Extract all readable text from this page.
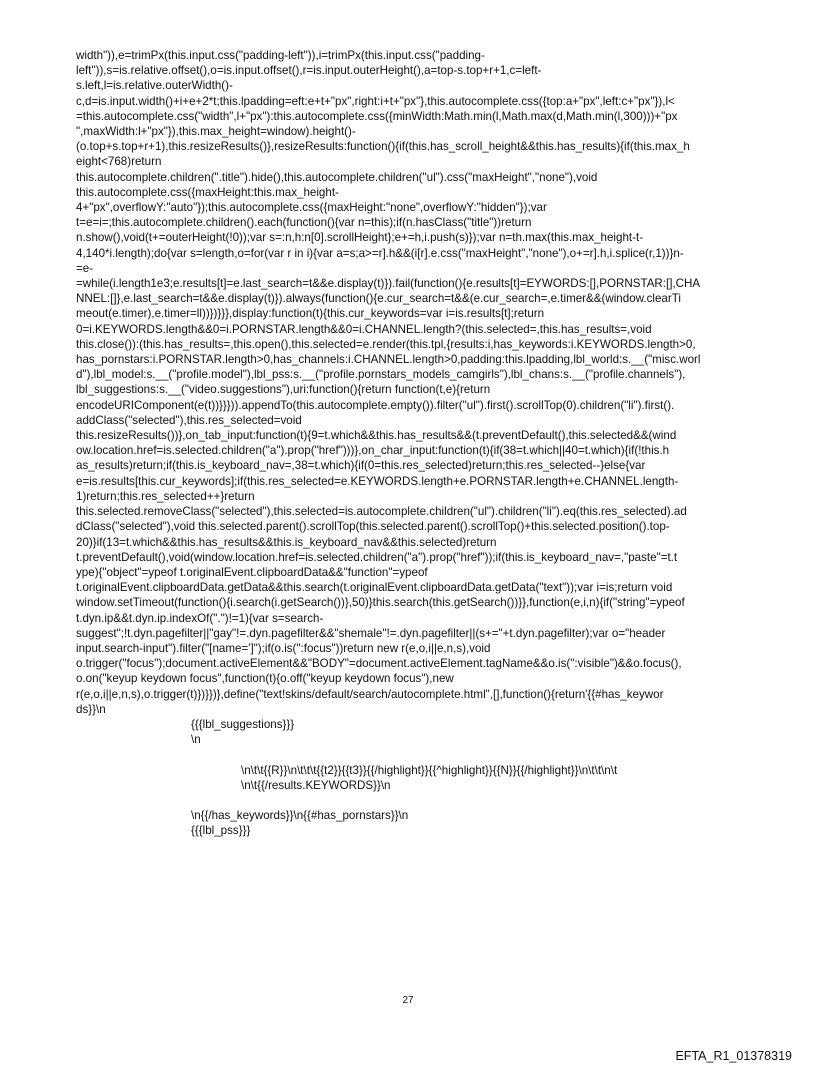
width")),e=trimPx(this.input.css("padding-left")),i=trimPx(this.input.css("padding-
left")),s=is.relative.offset(),o=is.input.offset(),r=is.input.outerHeight(),a=top-s.top+r+1,c=left-
s.left,l=is.relative.outerWidth()-
c,d=is.input.width()+i+e+2*t;this.lpadding=eft:e+t+"px",right:i+t+"px"},this.autocomplete.css({top:a+"px",left:c+"px"}),l<
=this.autocomplete.css("width",l+"px"):this.autocomplete.css({minWidth:Math.min(l,Math.max(d,Math.min(l,300)))+"px
",maxWidth:l+"px"}),this.max_height=window).height()-
(o.top+s.top+r+1),this.resizeResults()},resizeResults:function(){if(this.has_scroll_height&&this.has_results){if(this.max_h
eight<768)return
this.autocomplete.children(".title").hide(),this.autocomplete.children("ul").css("maxHeight","none"),void
this.autocomplete.css({maxHeight:this.max_height-
4+"px",overflowY:"auto"});this.autocomplete.css({maxHeight:"none",overflowY:"hidden"});var
t=e=i=;this.autocomplete.children().each(function(){var n=this);if(n.hasClass("title"))return
n.show(),void(t+=outerHeight(!0));var s=:n,h:n[0].scrollHeight};e+=h,i.push(s)});var n=th.max(this.max_height-t-
4,140*i.length);do{var s=length,o=for(var r in i){var a=s;a>=r].h&&(i[r].e.css("maxHeight","none"),o+=r].h,i.splice(r,1))}n-
=e-
=while(i.length1e3;e.results[t]=e.last_search=t&&e.display(t)}).fail(function(){e.results[t]=EYWORDS:[],PORNSTAR:[],CHA
NNEL:[]},e.last_search=t&&e.display(t)}).always(function(){e.cur_search=t&&(e.cur_search=,e.timer&&(window.clearTi
meout(e.timer),e.timer=ll))})}}},display:function(t){this.cur_keywords=var i=is.results[t];return
0=i.KEYWORDS.length&&0=i.PORNSTAR.length&&0=i.CHANNEL.length?(this.selected=,this.has_results=,void
this.close()):(this.has_results=,this.open(),this.selected=e.render(this.tpl,{results:i,has_keywords:i.KEYWORDS.length>0,
has_pornstars:i.PORNSTAR.length>0,has_channels:i.CHANNEL.length>0,padding:this.lpadding,lbl_world:s.__("misc.worl
d"),lbl_model:s.__("profile.model"),lbl_pss:s.__("profile.pornstars_models_camgirls"),lbl_chans:s.__("profile.channels"),
lbl_suggestions:s.__("video.suggestions"),uri:function(){return function(t,e){return
encodeURIComponent(e(t))}}})).appendTo(this.autocomplete.empty()).filter("ul").first().scrollTop(0).children("li").first().
addClass("selected"),this.res_selected=void
this.resizeResults())},on_tab_input:function(t){9=t.which&&this.has_results&&(t.preventDefault(),this.selected&&(wind
ow.location.href=is.selected.children("a").prop("href")))},on_char_input:function(t){if(38=t.which||40=t.which){if(!this.h
as_results)return;if(this.is_keyboard_nav=,38=t.which){if(0=this.res_selected)return;this.res_selected--}else{var
e=is.results[this.cur_keywords];if(this.res_selected=e.KEYWORDS.length+e.PORNSTAR.length+e.CHANNEL.length-
1)return;this.res_selected++}return
this.selected.removeClass("selected"),this.selected=is.autocomplete.children("ul").children("li").eq(this.res_selected).ad
dClass("selected"),void this.selected.parent().scrollTop(this.selected.parent().scrollTop()+this.selected.position().top-
20)}if(13=t.which&&this.has_results&&this.is_keyboard_nav&&this.selected)return
t.preventDefault(),void(window.location.href=is.selected.children("a").prop("href"));if(this.is_keyboard_nav=,"paste"=t.t
ype){"object"=ypeof t.originalEvent.clipboardData&&"function"=ypeof
t.originalEvent.clipboardData.getData&&this.search(t.originalEvent.clipboardData.getData("text"));var i=is;return void
window.setTimeout(function(){i.search(i.getSearch())},50)}this.search(this.getSearch())}},function(e,i,n){if("string"=ypeof
t.dyn.ip&&t.dyn.ip.indexOf(".")!=1){var s=search-
suggest";!t.dyn.pagefilter||"gay"!=.dyn.pagefilter&&"shemale"!=.dyn.pagefilter||(s+="+t.dyn.pagefilter);var o="header
input.search-input").filter("[name=']");if(o.is(":focus"))return new r(e,o,i||e,n,s),void
o.trigger("focus");document.activeElement&&"BODY"=document.activeElement.tagName&&o.is(":visible")&&o.focus(),
o.on("keyup keydown focus",function(t){o.off("keyup keydown focus"),new
r(e,o,i||e,n,s),o.trigger(t)})}})},define("text!skins/default/search/autocomplete.html",[],function(){return'{{#has_keywor
ds}}\n
{{{lbl_suggestions}}}
\n
\n\t\t{{R}}\n\t\t\t{{t2}}{{t3}}{{/highlight}}{{^highlight}}{{N}}{{/highlight}}\n\t\t\n\t
\n\t{{/results.KEYWORDS}}\n
\n{{/has_keywords}}\n{{#has_pornstars}}\n
{{{lbl_pss}}}
27
EFTA_R1_01378319
